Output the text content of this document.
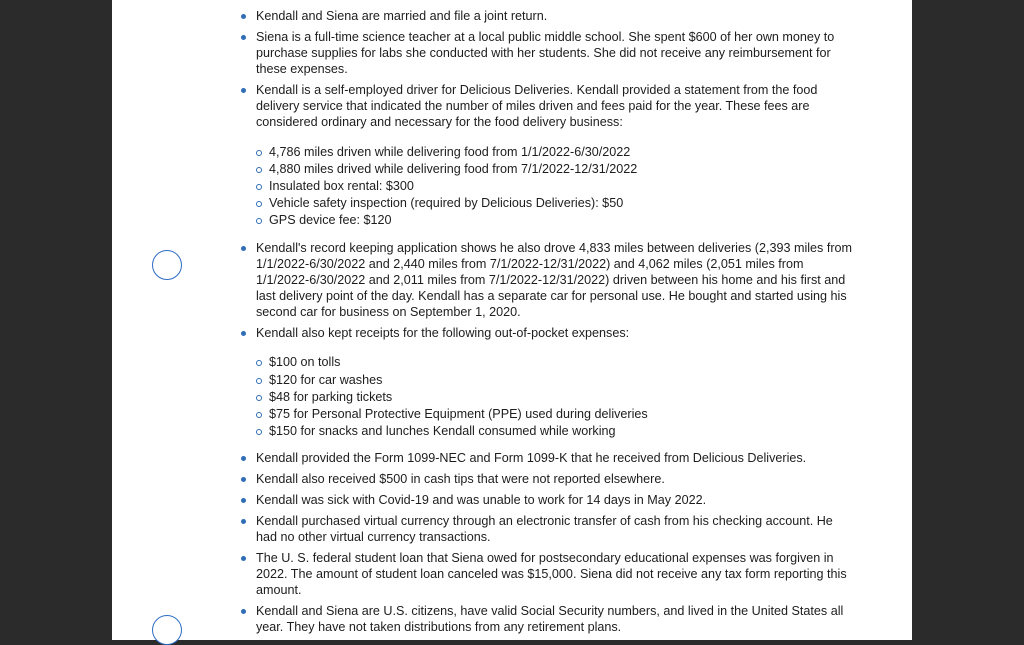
Kendall and Siena are married and file a joint return.
Siena is a full-time science teacher at a local public middle school. She spent $600 of her own money to purchase supplies for labs she conducted with her students. She did not receive any reimbursement for these expenses.
Kendall is a self-employed driver for Delicious Deliveries. Kendall provided a statement from the food delivery service that indicated the number of miles driven and fees paid for the year. These fees are considered ordinary and necessary for the food delivery business:
4,786 miles driven while delivering food from 1/1/2022-6/30/2022
4,880 miles drived while delivering food from 7/1/2022-12/31/2022
Insulated box rental: $300
Vehicle safety inspection (required by Delicious Deliveries): $50
GPS device fee: $120
Kendall's record keeping application shows he also drove 4,833 miles between deliveries (2,393 miles from 1/1/2022-6/30/2022 and 2,440 miles from 7/1/2022-12/31/2022) and 4,062 miles (2,051 miles from 1/1/2022-6/30/2022 and 2,011 miles from 7/1/2022-12/31/2022) driven between his home and his first and last delivery point of the day. Kendall has a separate car for personal use. He bought and started using his second car for business on September 1, 2020.
Kendall also kept receipts for the following out-of-pocket expenses:
$100 on tolls
$120 for car washes
$48 for parking tickets
$75 for Personal Protective Equipment (PPE) used during deliveries
$150 for snacks and lunches Kendall consumed while working
Kendall provided the Form 1099-NEC and Form 1099-K that he received from Delicious Deliveries.
Kendall also received $500 in cash tips that were not reported elsewhere.
Kendall was sick with Covid-19 and was unable to work for 14 days in May 2022.
Kendall purchased virtual currency through an electronic transfer of cash from his checking account. He had no other virtual currency transactions.
The U. S. federal student loan that Siena owed for postsecondary educational expenses was forgiven in 2022. The amount of student loan canceled was $15,000. Siena did not receive any tax form reporting this amount.
Kendall and Siena are U.S. citizens, have valid Social Security numbers, and lived in the United States all year. They have not taken distributions from any retirement plans.
